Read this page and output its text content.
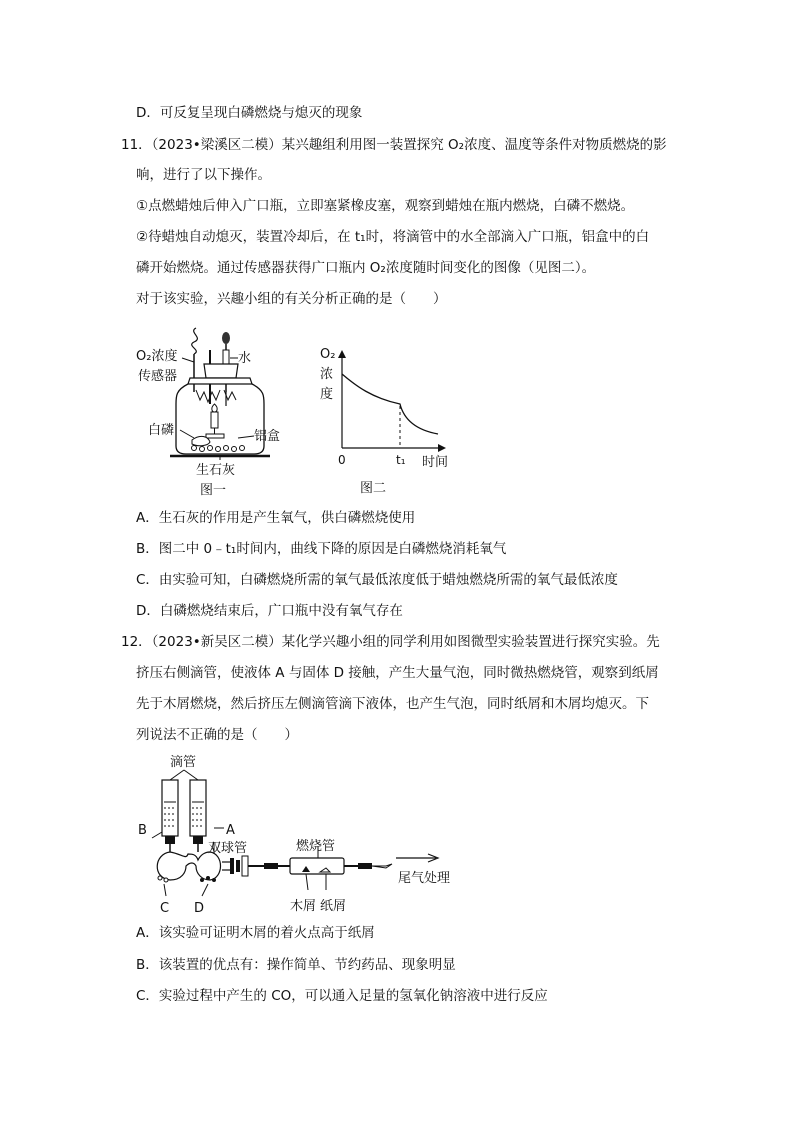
D．可反复呈现白磷燃烧与熄灭的现象
11．（2023•梁溪区二模）某兴趣组利用图一装置探究 O₂浓度、温度等条件对物质燃烧的影
响，进行了以下操作。
①点燃蜡烛后伸入广口瓶，立即塞紧橡皮塞，观察到蜡烛在瓶内燃烧，白磷不燃烧。
②待蜡烛自动熄灭，装置冷却后，在 t₁时，将滴管中的水全部滴入广口瓶，铝盒中的白
磷开始燃烧。通过传感器获得广口瓶内 O₂浓度随时间变化的图像（见图二）。
对于该实验，兴趣小组的有关分析正确的是（　　）
O₂浓度
传感器
水
白磷	铝盒
生石灰
图一
O₂
浓
度
0	t₁ 时间
图二
A．生石灰的作用是产生氧气，供白磷燃烧使用
B．图二中 0﹣t₁时间内，曲线下降的原因是白磷燃烧消耗氧气
C．由实验可知，白磷燃烧所需的氧气最低浓度低于蜡烛燃烧所需的氧气最低浓度
D．白磷燃烧结束后，广口瓶中没有氧气存在
12．（2023•新吴区二模）某化学兴趣小组的同学利用如图微型实验装置进行探究实验。先
挤压右侧滴管，使液体 A 与固体 D 接触，产生大量气泡，同时微热燃烧管，观察到纸屑
先于木屑燃烧，然后挤压左侧滴管滴下液体，也产生气泡，同时纸屑和木屑均熄灭。下
列说法不正确的是（　　）
滴管
B	A
双球管	燃烧管
尾气处理
C D	木屑 纸屑
A．该实验可证明木屑的着火点高于纸屑
B．该装置的优点有：操作简单、节约药品、现象明显
C．实验过程中产生的 CO，可以通入足量的氢氧化钠溶液中进行反应
